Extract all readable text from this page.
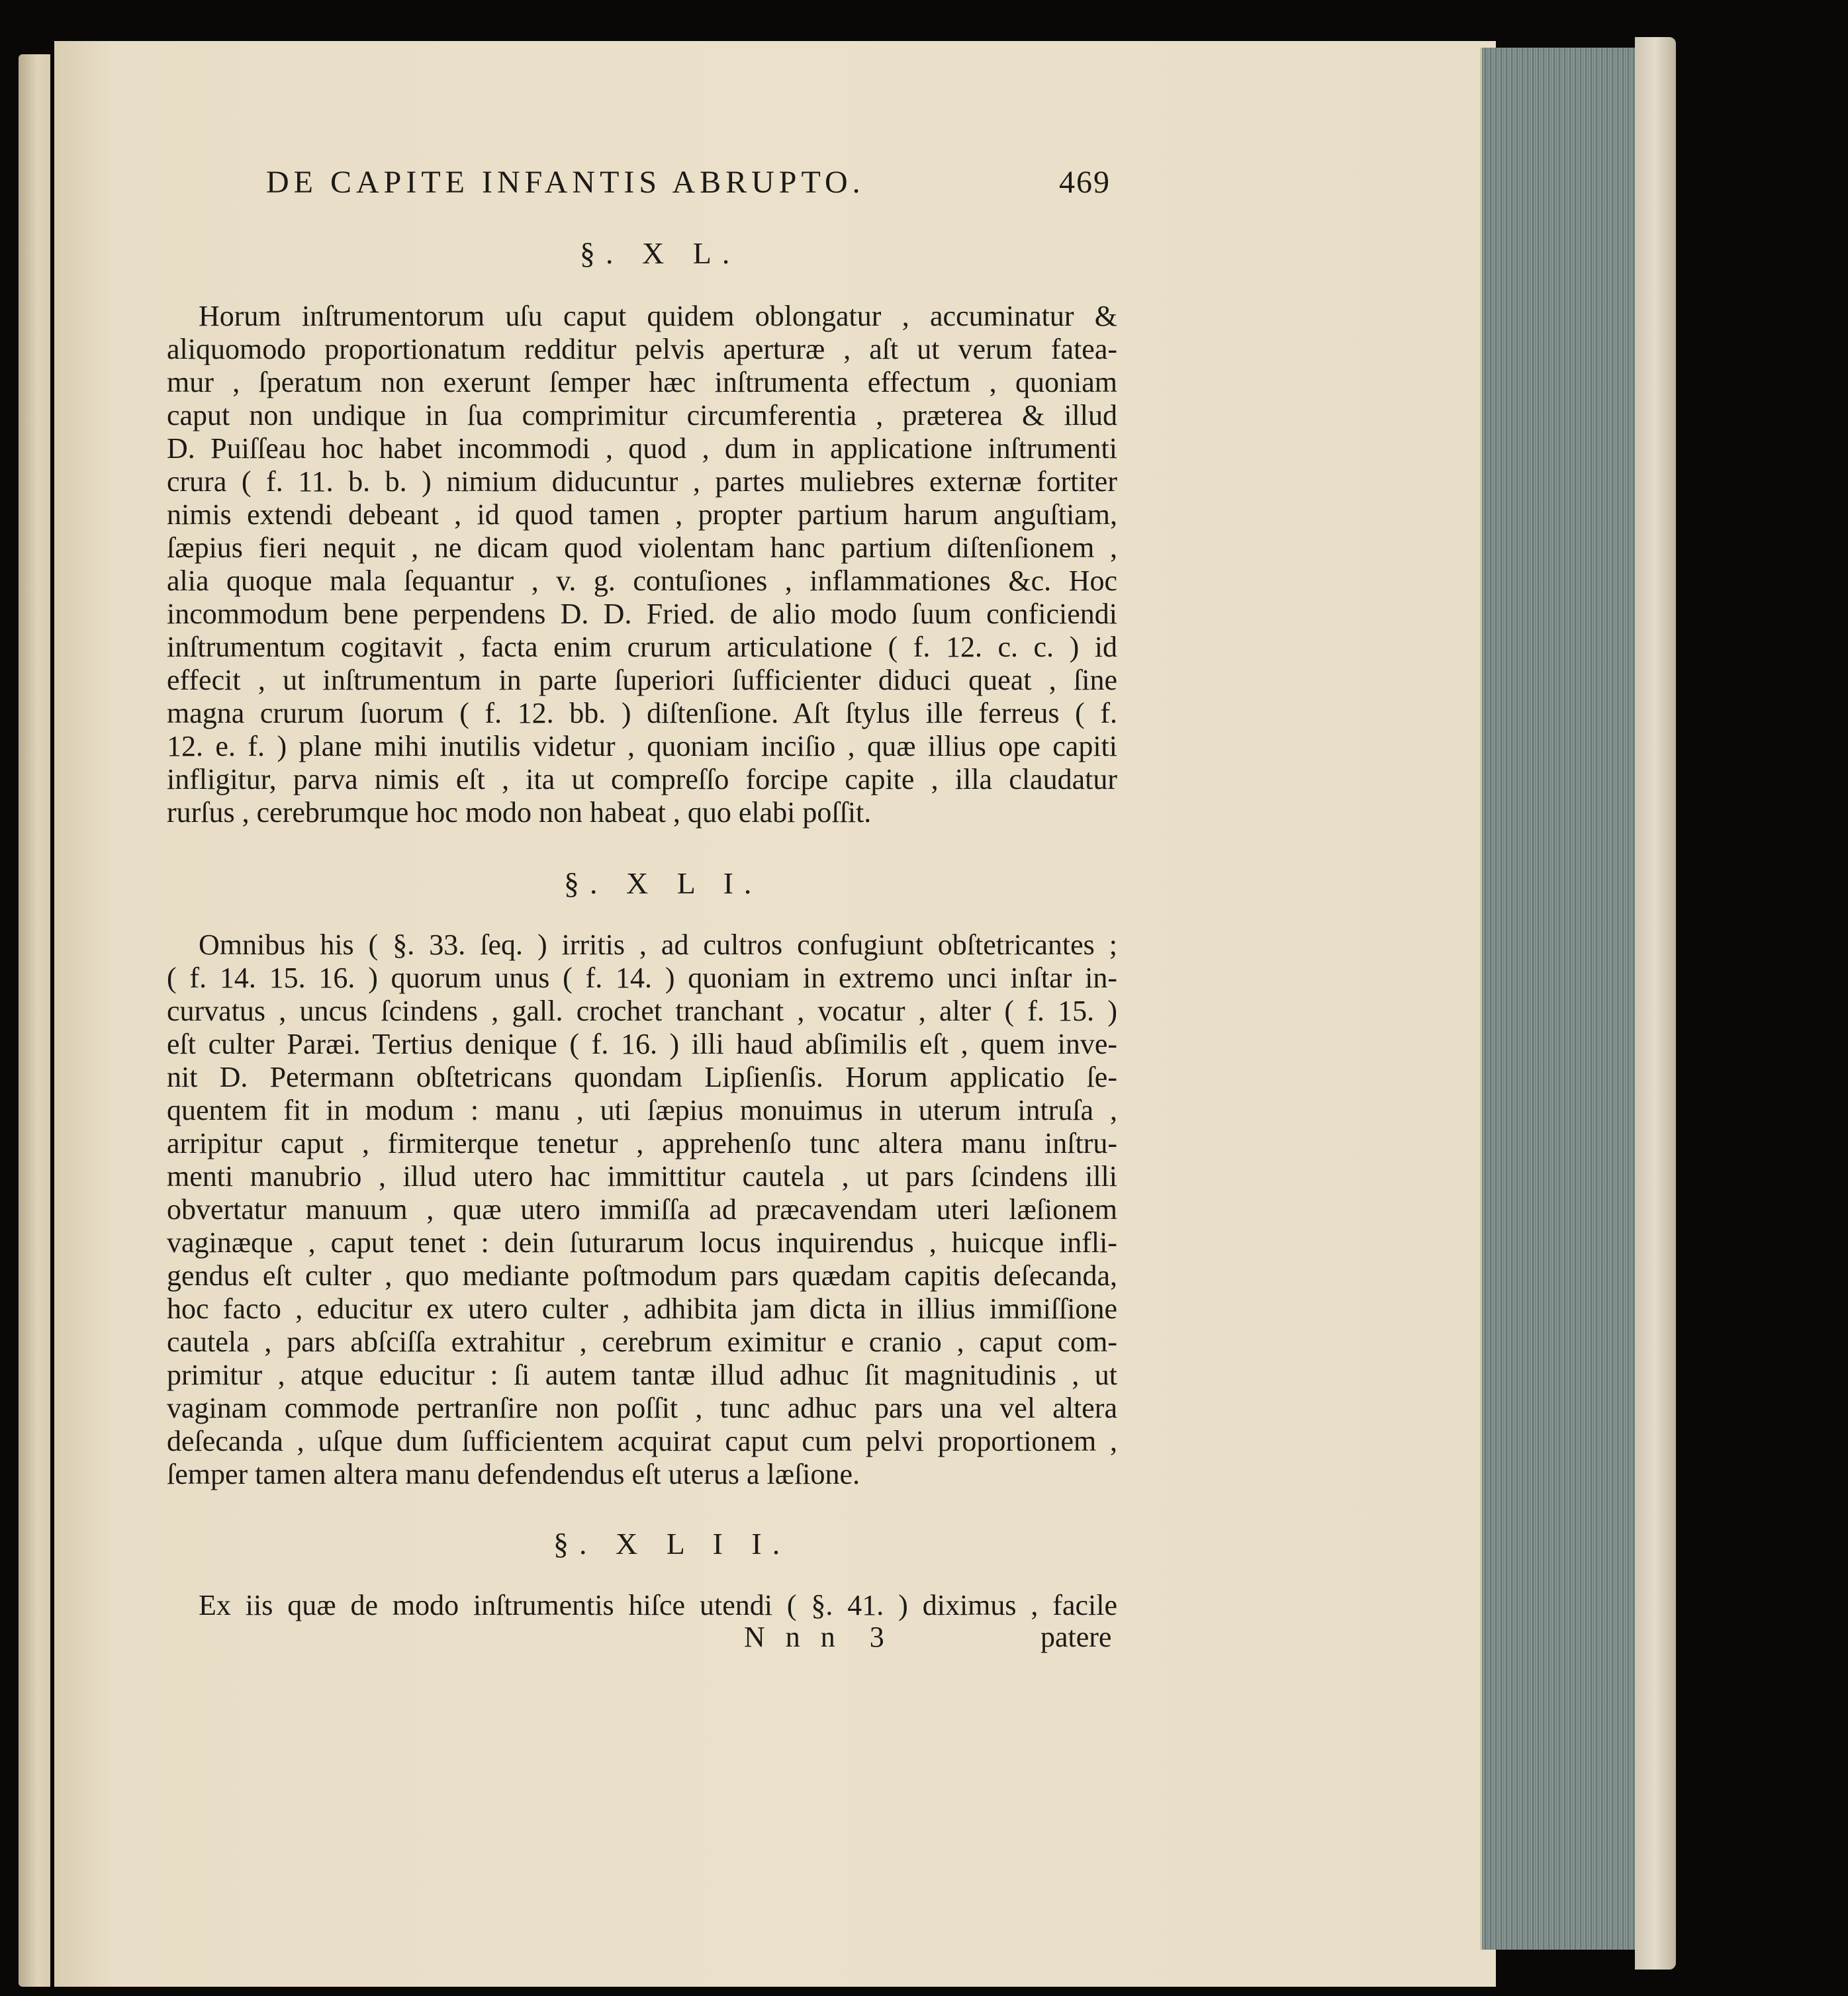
DE CAPITE INFANTIS ABRUPTO.	469
§. X L.
Horum inſtrumentorum uſu caput quidem oblongatur , accuminatur &
aliquomodo proportionatum redditur pelvis aperturæ , aſt ut verum fatea-
mur , ſperatum non exerunt ſemper hæc inſtrumenta effectum , quoniam
caput non undique in ſua comprimitur circumferentia , præterea & illud
D. Puiſſeau hoc habet incommodi , quod , dum in applicatione inſtrumenti
crura ( f. 11. b. b. ) nimium diducuntur , partes muliebres externæ fortiter
nimis extendi debeant , id quod tamen , propter partium harum anguſtiam,
ſæpius fieri nequit , ne dicam quod violentam hanc partium diſtenſionem ,
alia quoque mala ſequantur , v. g. contuſiones , inflammationes &c. Hoc
incommodum bene perpendens D. D. Fried. de alio modo ſuum conficiendi
inſtrumentum cogitavit , facta enim crurum articulatione ( f. 12. c. c. ) id
effecit , ut inſtrumentum in parte ſuperiori ſufficienter diduci queat , ſine
magna crurum ſuorum ( f. 12. bb. ) diſtenſione. Aſt ſtylus ille ferreus ( f.
12. e. f. ) plane mihi inutilis videtur , quoniam inciſio , quæ illius ope capiti
infligitur, parva nimis eſt , ita ut compreſſo forcipe capite , illa claudatur
rurſus , cerebrumque hoc modo non habeat , quo elabi poſſit.
§. X L I.
Omnibus his ( §. 33. ſeq. ) irritis , ad cultros confugiunt obſtetricantes ;
( f. 14. 15. 16. ) quorum unus ( f. 14. ) quoniam in extremo unci inſtar in-
curvatus , uncus ſcindens , gall. crochet tranchant , vocatur , alter ( f. 15. )
eſt culter Paræi. Tertius denique ( f. 16. ) illi haud abſimilis eſt , quem inve-
nit D. Petermann obſtetricans quondam Lipſienſis. Horum applicatio ſe-
quentem fit in modum : manu , uti ſæpius monuimus in uterum intruſa ,
arripitur caput , firmiterque tenetur , apprehenſo tunc altera manu inſtru-
menti manubrio , illud utero hac immittitur cautela , ut pars ſcindens illi
obvertatur manuum , quæ utero immiſſa ad præcavendam uteri læſionem
vaginæque , caput tenet : dein ſuturarum locus inquirendus , huicque infli-
gendus eſt culter , quo mediante poſtmodum pars quædam capitis deſecanda,
hoc facto , educitur ex utero culter , adhibita jam dicta in illius immiſſione
cautela , pars abſciſſa extrahitur , cerebrum eximitur e cranio , caput com-
primitur , atque educitur : ſi autem tantæ illud adhuc ſit magnitudinis , ut
vaginam commode pertranſire non poſſit , tunc adhuc pars una vel altera
deſecanda , uſque dum ſufficientem acquirat caput cum pelvi proportionem ,
ſemper tamen altera manu defendendus eſt uterus a læſione.
§. X L I I.
Ex iis quæ de modo inſtrumentis hiſce utendi ( §. 41. ) diximus , facile
N n n  3	patere
